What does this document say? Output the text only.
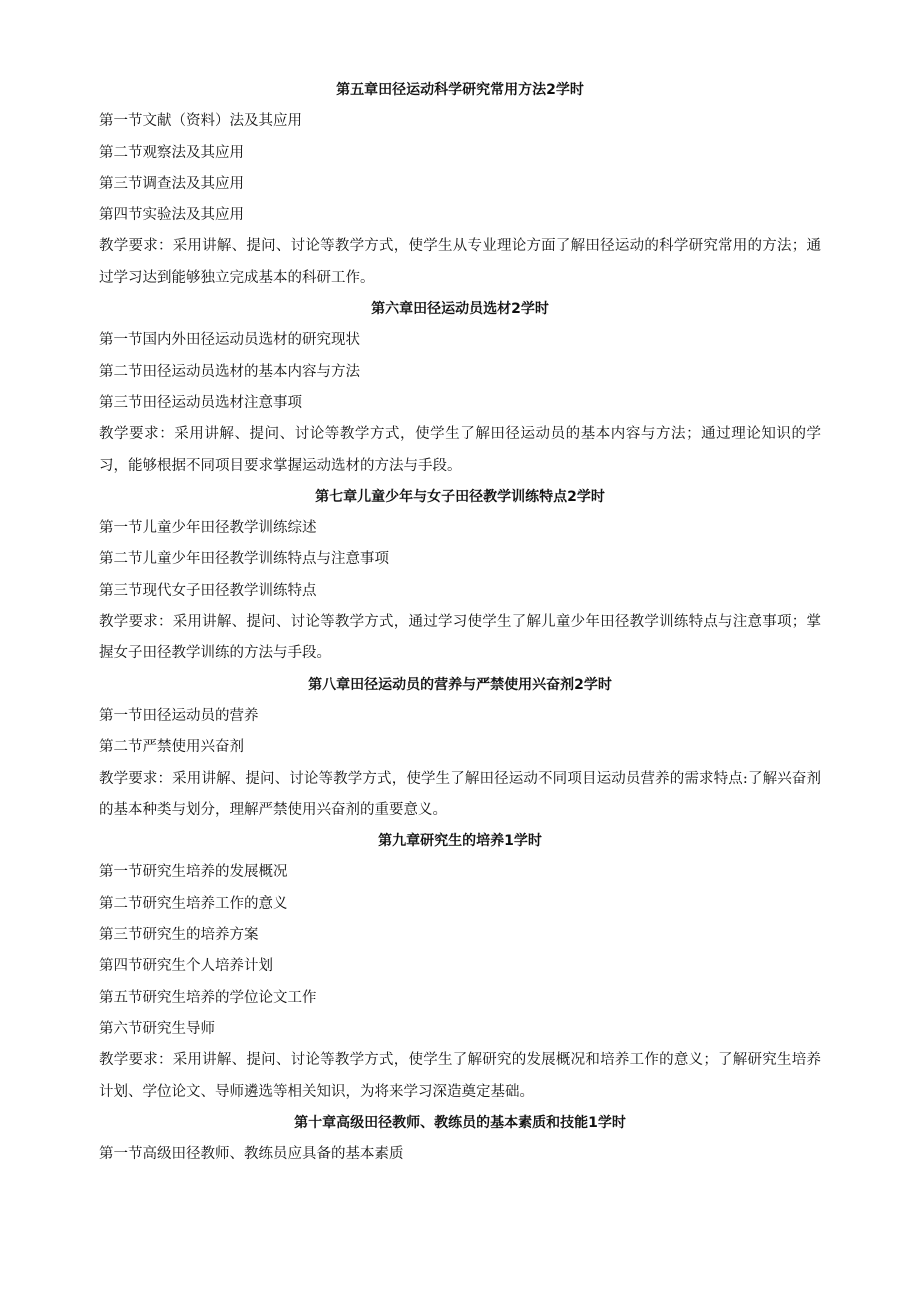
第五章田径运动科学研究常用方法2学时

第一节文献（资料）法及其应用

第二节观察法及其应用

第三节调查法及其应用

第四节实验法及其应用

教学要求：采用讲解、提问、讨论等教学方式，使学生从专业理论方面了解田径运动的科学研究常用的方法；通过学习达到能够独立完成基本的科研工作。

第六章田径运动员选材2学时

第一节国内外田径运动员选材的研究现状

第二节田径运动员选材的基本内容与方法

第三节田径运动员选材注意事项

教学要求：采用讲解、提问、讨论等教学方式，使学生了解田径运动员的基本内容与方法；通过理论知识的学习，能够根据不同项目要求掌握运动选材的方法与手段。

第七章儿童少年与女子田径教学训练特点2学时

第一节儿童少年田径教学训练综述

第二节儿童少年田径教学训练特点与注意事项

第三节现代女子田径教学训练特点

教学要求：采用讲解、提问、讨论等教学方式，通过学习使学生了解儿童少年田径教学训练特点与注意事项；掌握女子田径教学训练的方法与手段。

第八章田径运动员的营养与严禁使用兴奋剂2学时

第一节田径运动员的营养

第二节严禁使用兴奋剂

教学要求：采用讲解、提问、讨论等教学方式，使学生了解田径运动不同项目运动员营养的需求特点:了解兴奋剂的基本种类与划分，理解严禁使用兴奋剂的重要意义。

第九章研究生的培养1学时

第一节研究生培养的发展概况

第二节研究生培养工作的意义

第三节研究生的培养方案

第四节研究生个人培养计划

第五节研究生培养的学位论文工作

第六节研究生导师

教学要求：采用讲解、提问、讨论等教学方式，使学生了解研究的发展概况和培养工作的意义；了解研究生培养计划、学位论文、导师遴选等相关知识，为将来学习深造奠定基础。

第十章高级田径教师、教练员的基本素质和技能1学时

第一节高级田径教师、教练员应具备的基本素质
